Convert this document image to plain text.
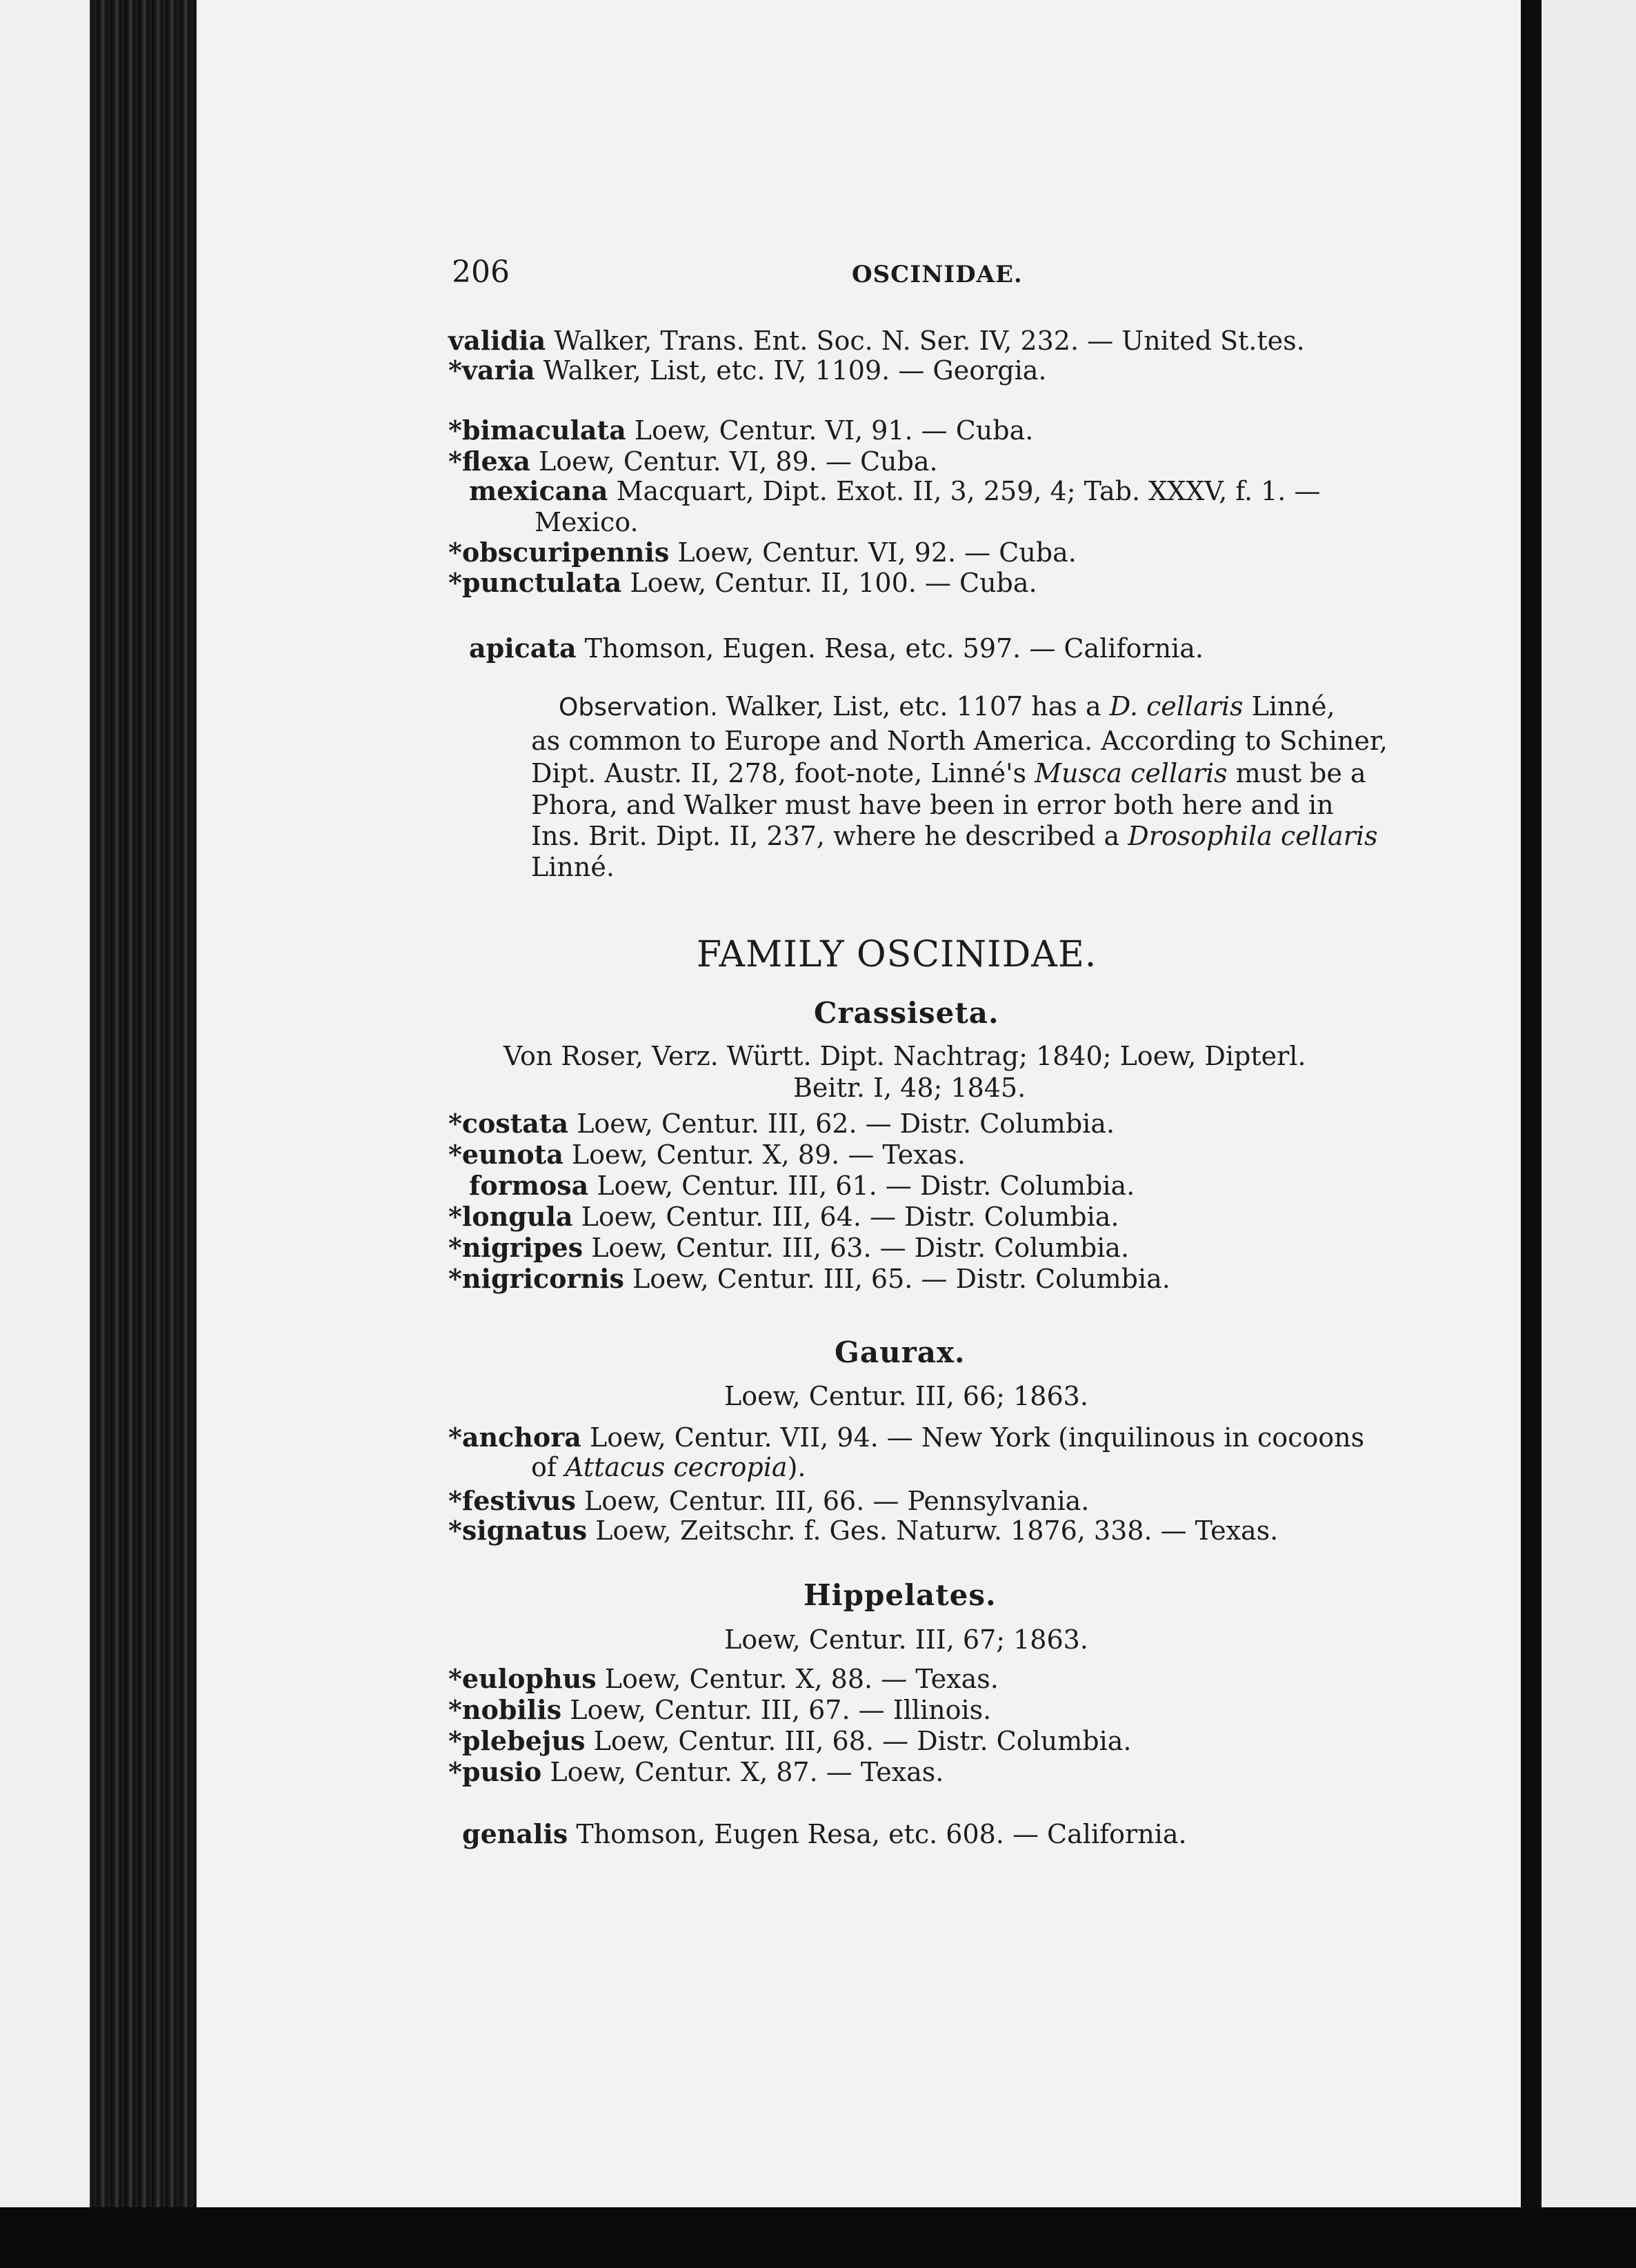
206	OSCINIDAE.
validia Walker, Trans. Ent. Soc. N. Ser. IV, 232. — United St.tes.
*varia Walker, List, etc. IV, 1109. — Georgia.
*bimaculata Loew, Centur. VI, 91. — Cuba.
*flexa Loew, Centur. VI, 89. — Cuba.
mexicana Macquart, Dipt. Exot. II, 3, 259, 4; Tab. XXXV, f. 1. —
Mexico.
*obscuripennis Loew, Centur. VI, 92. — Cuba.
*punctulata Loew, Centur. II, 100. — Cuba.
apicata Thomson, Eugen. Resa, etc. 597. — California.
Observation. Walker, List, etc. 1107 has a D. cellaris Linné,
as common to Europe and North America. According to Schiner,
Dipt. Austr. II, 278, foot-note, Linné's Musca cellaris must be a
Phora, and Walker must have been in error both here and in
Ins. Brit. Dipt. II, 237, where he described a Drosophila cellaris
Linné.
FAMILY OSCINIDAE.
Crassiseta.
Von Roser, Verz. Württ. Dipt. Nachtrag; 1840; Loew, Dipterl.
Beitr. I, 48; 1845.
*costata Loew, Centur. III, 62. — Distr. Columbia.
*eunota Loew, Centur. X, 89. — Texas.
formosa Loew, Centur. III, 61. — Distr. Columbia.
*longula Loew, Centur. III, 64. — Distr. Columbia.
*nigripes Loew, Centur. III, 63. — Distr. Columbia.
*nigricornis Loew, Centur. III, 65. — Distr. Columbia.
Gaurax.
Loew, Centur. III, 66; 1863.
*anchora Loew, Centur. VII, 94. — New York (inquilinous in cocoons
of Attacus cecropia).
*festivus Loew, Centur. III, 66. — Pennsylvania.
*signatus Loew, Zeitschr. f. Ges. Naturw. 1876, 338. — Texas.
Hippelates.
Loew, Centur. III, 67; 1863.
*eulophus Loew, Centur. X, 88. — Texas.
*nobilis Loew, Centur. III, 67. — Illinois.
*plebejus Loew, Centur. III, 68. — Distr. Columbia.
*pusio Loew, Centur. X, 87. — Texas.
genalis Thomson, Eugen Resa, etc. 608. — California.
